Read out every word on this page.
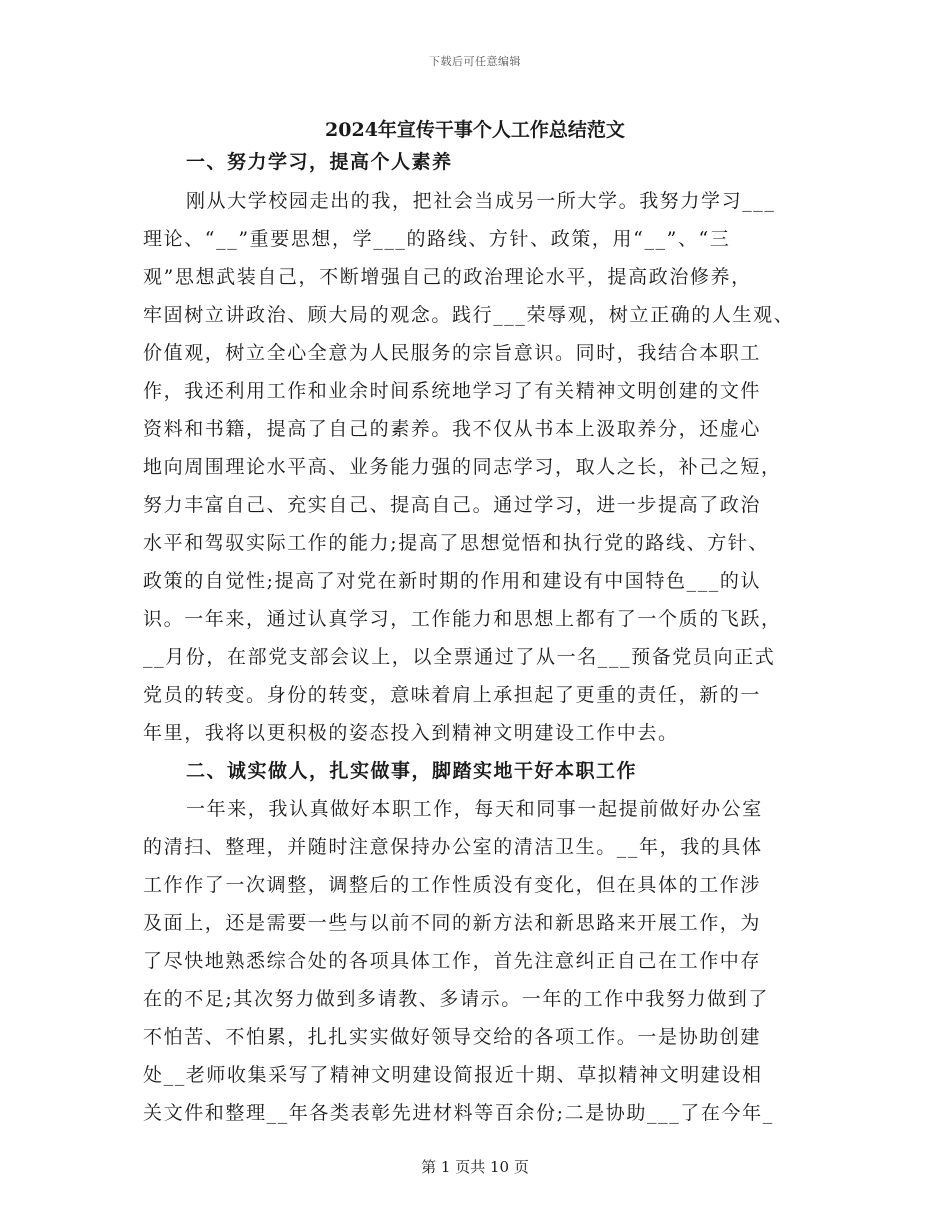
下载后可任意编辑
2024年宣传干事个人工作总结范文
一、努力学习，提高个人素养
刚从大学校园走出的我，把社会当成另一所大学。我努力学习___
理论、“__”重要思想，学___的路线、方针、政策，用“__”、“三
观”思想武装自己，不断增强自己的政治理论水平，提高政治修养，
牢固树立讲政治、顾大局的观念。践行___荣辱观，树立正确的人生观、
价值观，树立全心全意为人民服务的宗旨意识。同时，我结合本职工
作，我还利用工作和业余时间系统地学习了有关精神文明创建的文件
资料和书籍，提高了自己的素养。我不仅从书本上汲取养分，还虚心
地向周围理论水平高、业务能力强的同志学习，取人之长，补己之短，
努力丰富自己、充实自己、提高自己。通过学习，进一步提高了政治
水平和驾驭实际工作的能力;提高了思想觉悟和执行党的路线、方针、
政策的自觉性;提高了对党在新时期的作用和建设有中国特色___的认
识。一年来，通过认真学习，工作能力和思想上都有了一个质的飞跃，
__月份，在部党支部会议上，以全票通过了从一名___预备党员向正式
党员的转变。身份的转变，意味着肩上承担起了更重的责任，新的一
年里，我将以更积极的姿态投入到精神文明建设工作中去。
二、诚实做人，扎实做事，脚踏实地干好本职工作
一年来，我认真做好本职工作，每天和同事一起提前做好办公室
的清扫、整理，并随时注意保持办公室的清洁卫生。__年，我的具体
工作作了一次调整，调整后的工作性质没有变化，但在具体的工作涉
及面上，还是需要一些与以前不同的新方法和新思路来开展工作，为
了尽快地熟悉综合处的各项具体工作，首先注意纠正自己在工作中存
在的不足;其次努力做到多请教、多请示。一年的工作中我努力做到了
不怕苦、不怕累，扎扎实实做好领导交给的各项工作。一是协助创建
处__老师收集采写了精神文明建设简报近十期、草拟精神文明建设相
关文件和整理__年各类表彰先进材料等百余份;二是协助___了在今年_
第 1 页共 10 页
